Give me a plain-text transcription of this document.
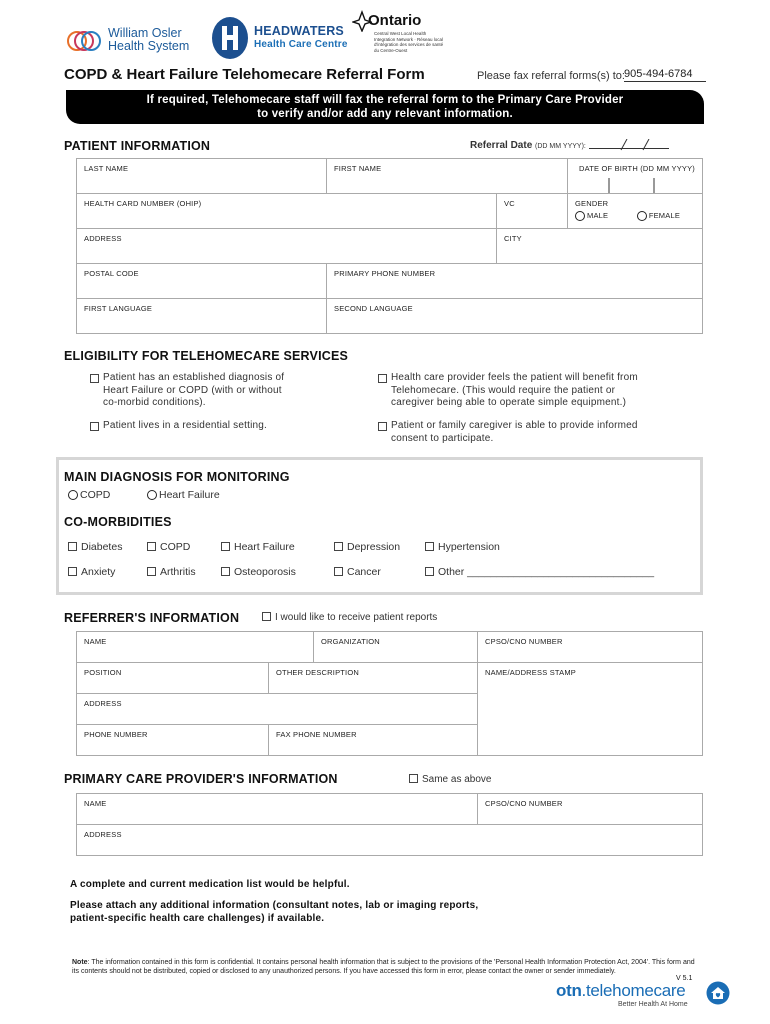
William Osler
Health System
HEADWATERS
Health Care Centre
Ontario
Central West Local Health Integration Network · Réseau local d'intégration des services de santé du Centre-Ouest
COPD & Heart Failure Telehomecare Referral Form	Please fax referral forms(s) to: 905-494-6784
If required, Telehomecare staff will fax the referral form to the Primary Care Provider
to verify and/or add any relevant information.
PATIENT INFORMATION	Referral Date (DD MM YYYY):
LAST NAME	FIRST NAME	DATE OF BIRTH (DD MM YYYY)
HEALTH CARD NUMBER (OHIP)	VC	GENDER
MALE	FEMALE
ADDRESS	CITY
POSTAL CODE	PRIMARY PHONE NUMBER
FIRST LANGUAGE	SECOND LANGUAGE
ELIGIBILITY FOR TELEHOMECARE SERVICES

Patient has an established diagnosis of

Heart Failure or COPD (with or without

co-morbid conditions).

Health care provider feels the patient will benefit from

Telehomecare. (This would require the patient or

caregiver being able to operate simple equipment.)

Patient lives in a residential setting.	Patient or family caregiver is able to provide informed

consent to participate.

MAIN DIAGNOSIS FOR MONITORING
COPD	Heart Failure
CO-MORBIDITIES
Diabetes	COPD	Heart Failure	Depression	Hypertension
Anxiety	Arthritis	Osteoporosis	Cancer	Other ________________________________
REFERRER'S INFORMATION	I would like to receive patient reports
NAME	ORGANIZATION	CPSO/CNO NUMBER
POSITION	OTHER DESCRIPTION	NAME/ADDRESS STAMP
ADDRESS
PHONE NUMBER	FAX PHONE NUMBER
PRIMARY CARE PROVIDER'S INFORMATION	Same as above
NAME	CPSO/CNO NUMBER
ADDRESS
A complete and current medication list would be helpful.
Please attach any additional information (consultant notes, lab or imaging reports,
patient-specific health care challenges) if available.
Note: The information contained in this form is confidential. It contains personal health information that is subject to the provisions of the 'Personal Health Information Protection Act, 2004'. This form and its contents should not be distributed, copied or disclosed to any unauthorized persons. If you have accessed this form in error, please contact the owner or sender immediately.
V 5.1
otn.telehomecare
Better Health At Home
